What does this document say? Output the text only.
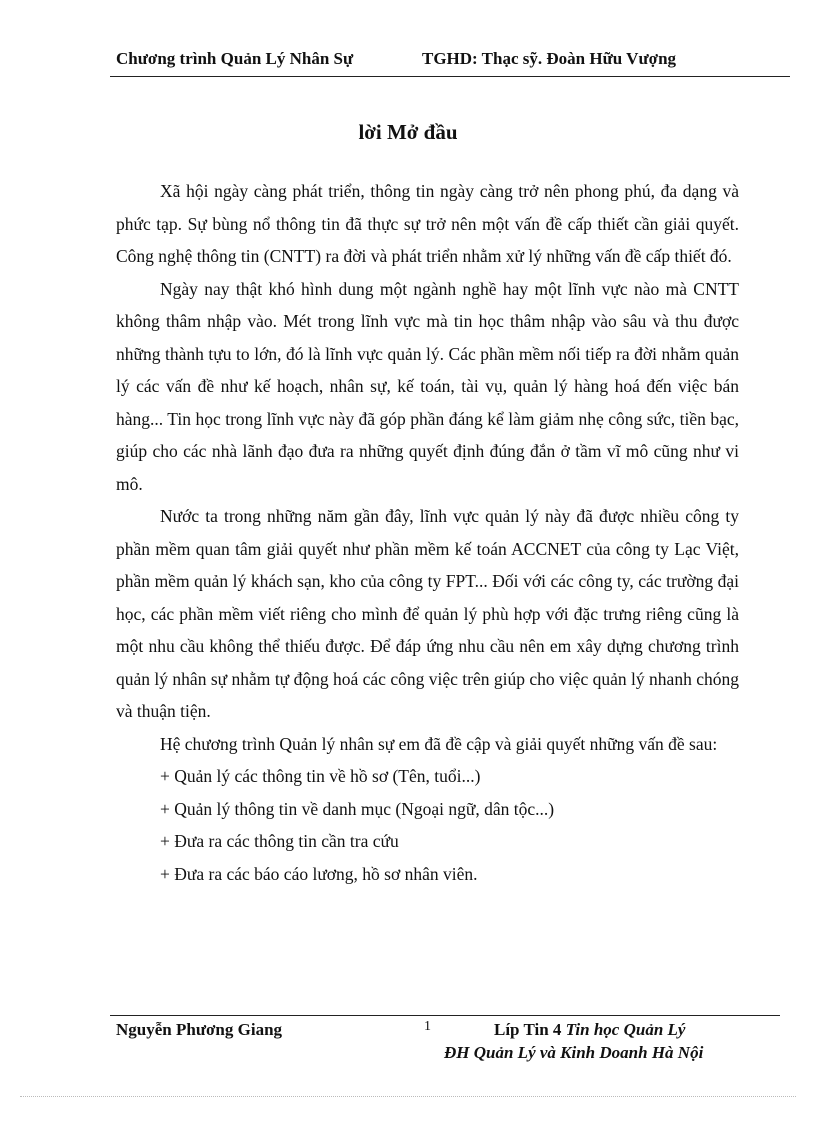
Chương trình Quản Lý Nhân Sự	TGHD: Thạc sỹ. Đoàn Hữu Vượng
lời Mở đầu

Xã hội ngày càng phát triển, thông tin ngày càng trở nên phong phú, đa dạng và phức tạp. Sự bùng nổ thông tin đã thực sự trở nên một vấn đề cấp thiết cần giải quyết. Công nghệ thông tin (CNTT) ra đời và phát triển nhằm xử lý những vấn đề cấp thiết đó.

Ngày nay thật khó hình dung một ngành nghề hay một lĩnh vực nào mà CNTT không thâm nhập vào. Mét trong lĩnh vực mà tin học thâm nhập vào sâu và thu được những thành tựu to lớn, đó là lĩnh vực quản lý. Các phần mềm nối tiếp ra đời nhằm quản lý các vấn đề như kế hoạch, nhân sự, kế toán, tài vụ, quản lý hàng hoá đến việc bán hàng... Tin học trong lĩnh vực này đã góp phần đáng kể làm giảm nhẹ công sức, tiền bạc, giúp cho các nhà lãnh đạo đưa ra những quyết định đúng đắn ở tầm vĩ mô cũng như vi mô.

Nước ta trong những năm gần đây, lĩnh vực quản lý này đã được nhiều công ty phần mềm quan tâm giải quyết như phần mềm kế toán ACCNET của công ty Lạc Việt, phần mềm quản lý khách sạn, kho của công ty FPT... Đối với các công ty, các trường đại học, các phần mềm viết riêng cho mình để quản lý phù hợp với đặc trưng riêng cũng là một nhu cầu không thể thiếu được. Để đáp ứng nhu cầu nên em xây dựng chương trình quản lý nhân sự nhằm tự động hoá các công việc trên giúp cho việc quản lý nhanh chóng và thuận tiện.

Hệ chương trình Quản lý nhân sự em đã đề cập và giải quyết những vấn đề sau:

+ Quản lý các thông tin về hồ sơ (Tên, tuổi...)
+ Quản lý thông tin về danh mục (Ngoại ngữ, dân tộc...)
+ Đưa ra các thông tin cần tra cứu
+ Đưa ra các báo cáo lương, hồ sơ nhân viên.
Nguyễn Phương Giang	1	Líp Tin 4 Tin học Quản Lý
ĐH Quản Lý và Kinh Doanh Hà Nội
